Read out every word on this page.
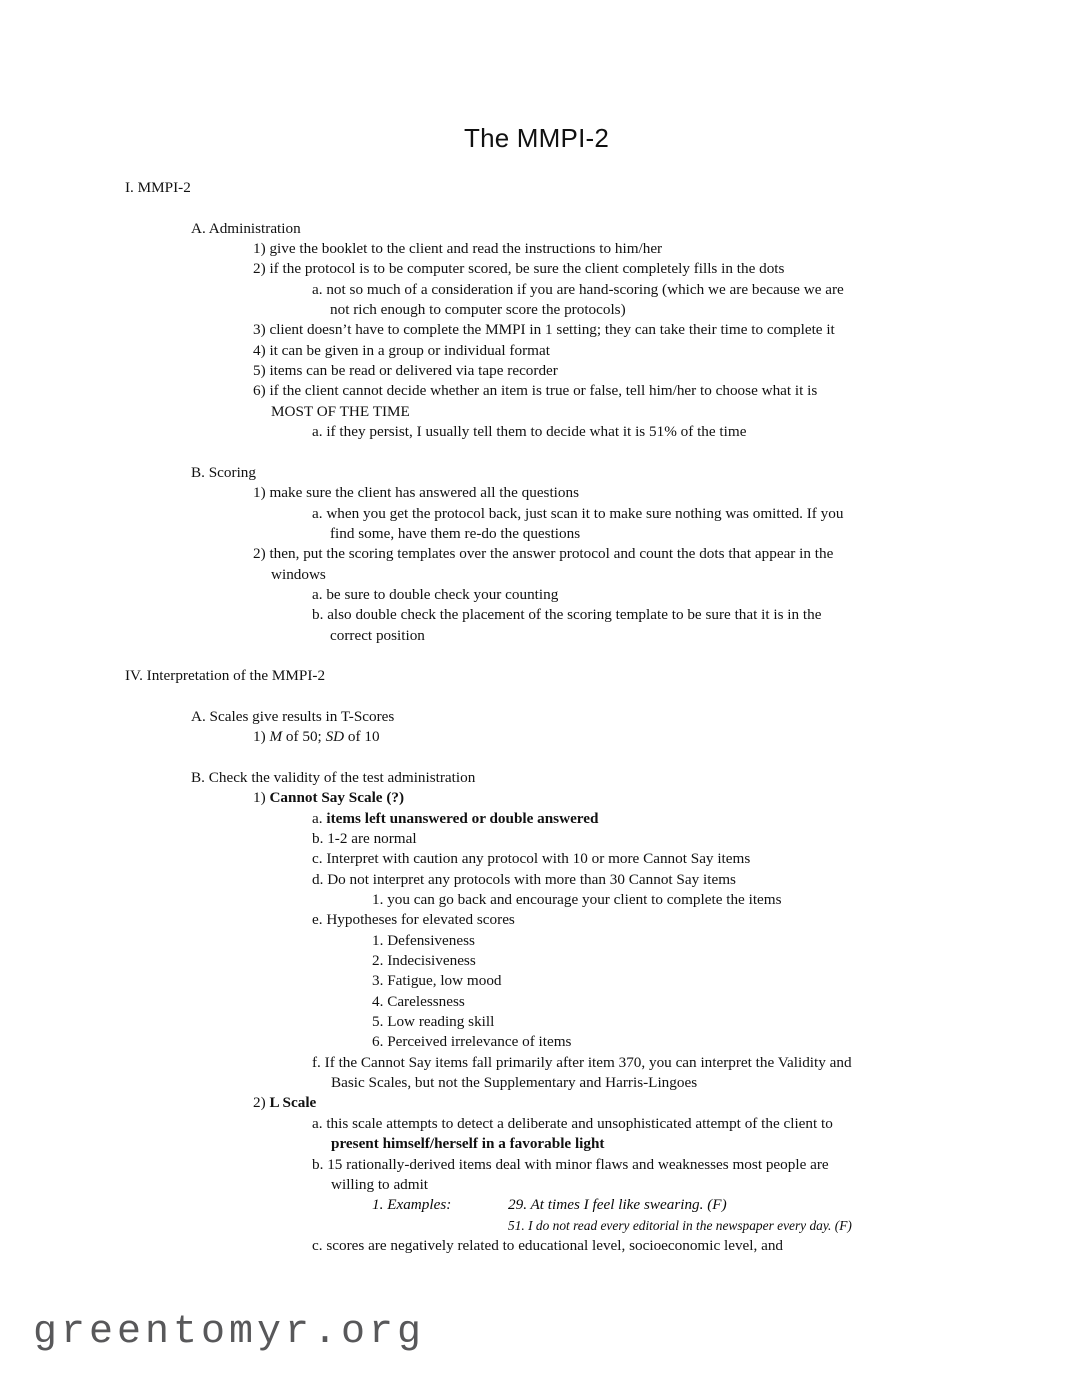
The MMPI-2
I. MMPI-2
A. Administration
1) give the booklet to the client and read the instructions to him/her
2) if the protocol is to be computer scored, be sure the client completely fills in the dots
a. not so much of a consideration if you are hand-scoring (which we are because we are
not rich enough to computer score the protocols)
3) client doesn’t have to complete the MMPI in 1 setting; they can take their time to complete it
4) it can be given in a group or individual format
5) items can be read or delivered via tape recorder
6) if the client cannot decide whether an item is true or false, tell him/her to choose what it is
MOST OF THE TIME
a. if they persist, I usually tell them to decide what it is 51% of the time
B. Scoring
1) make sure the client has answered all the questions
a. when you get the protocol back, just scan it to make sure nothing was omitted. If you
find some, have them re-do the questions
2) then, put the scoring templates over the answer protocol and count the dots that appear in the
windows
a. be sure to double check your counting
b. also double check the placement of the scoring template to be sure that it is in the
correct position
IV. Interpretation of the MMPI-2
A. Scales give results in T-Scores
1) M of 50; SD of 10
B. Check the validity of the test administration
1) Cannot Say Scale (?)
a. items left unanswered or double answered
b. 1-2 are normal
c. Interpret with caution any protocol with 10 or more Cannot Say items
d. Do not interpret any protocols with more than 30 Cannot Say items
1. you can go back and encourage your client to complete the items
e. Hypotheses for elevated scores
1. Defensiveness
2. Indecisiveness
3. Fatigue, low mood
4. Carelessness
5. Low reading skill
6. Perceived irrelevance of items
f. If the Cannot Say items fall primarily after item 370, you can interpret the Validity and
Basic Scales, but not the Supplementary and Harris-Lingoes
2) L Scale
a. this scale attempts to detect a deliberate and unsophisticated attempt of the client to
present himself/herself in a favorable light
b. 15 rationally-derived items deal with minor flaws and weaknesses most people are
willing to admit
1. Examples:	29. At times I feel like swearing. (F)
51. I do not read every editorial in the newspaper every day. (F)
c. scores are negatively related to educational level, socioeconomic level, and
greentomyr.org
